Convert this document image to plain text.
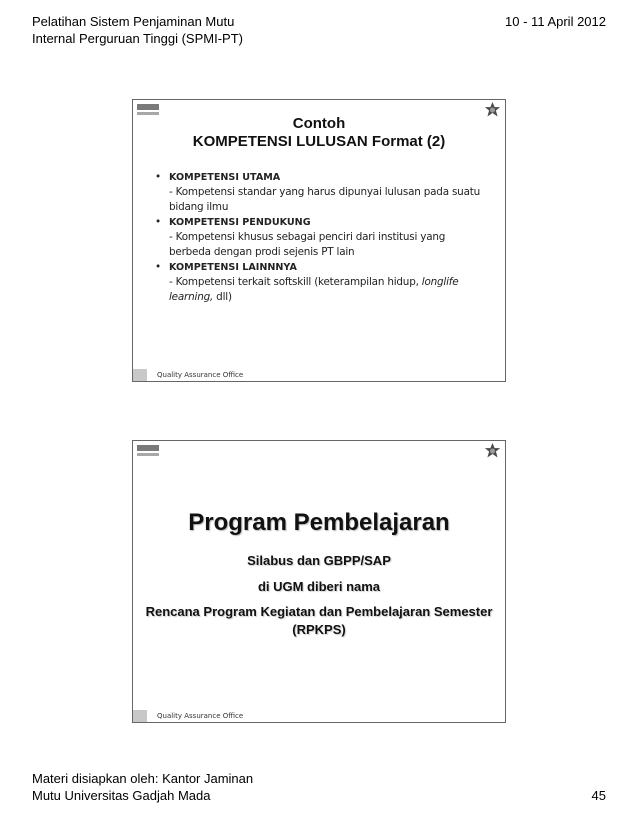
Pelatihan Sistem Penjaminan Mutu
Internal Perguruan Tinggi (SPMI-PT)
10 - 11 April 2012
Contoh
KOMPETENSI LULUSAN Format (2)
• KOMPETENSI UTAMA
- Kompetensi standar yang harus dipunyai lulusan pada suatu
bidang ilmu
• KOMPETENSI PENDUKUNG
- Kompetensi khusus sebagai penciri dari institusi yang
berbeda dengan prodi sejenis PT lain
• KOMPETENSI LAINNNYA
- Kompetensi terkait softskill (keterampilan hidup, longlife
learning, dll)
Quality Assurance Office
Program Pembelajaran
Silabus dan GBPP/SAP
di UGM diberi nama
Rencana Program Kegiatan dan Pembelajaran Semester
(RPKPS)
Quality Assurance Office
Materi disiapkan oleh: Kantor Jaminan
Mutu Universitas Gadjah Mada	45
